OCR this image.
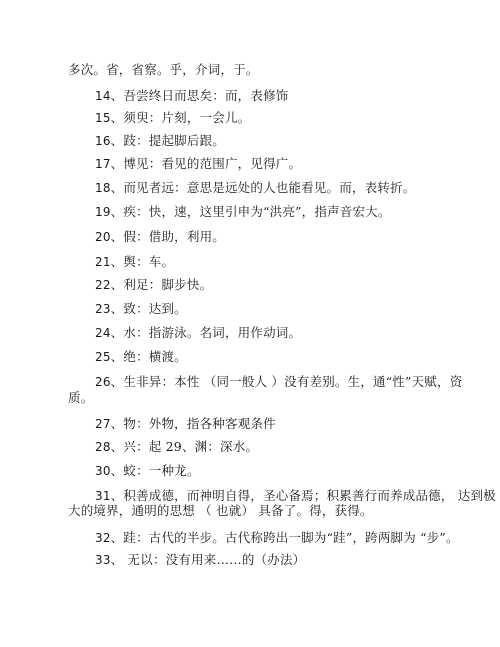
多次。省，省察。乎，介词，于。
14、吾尝终日而思矣：而，表修饰
15、须臾：片刻，一会儿。
16、跂：提起脚后跟。
17、博见：看见的范围广，见得广。
18、而见者远：意思是远处的人也能看见。而，表转折。
19、疾：快，速，这里引申为“洪亮”，指声音宏大。
20、假：借助，利用。
21、舆：车。
22、利足：脚步快。
23、致：达到。
24、水：指游泳。名词，用作动词。
25、绝：横渡。
26、生非异：本性 （同一般人 ）没有差别。生，通“性”天赋，资
质。
27、物：外物，指各种客观条件
28、兴：起 29、渊：深水。
30、蛟：一种龙。
31、积善成德，而神明自得，圣心备焉；积累善行而养成品德， 达到极
大的境界，通明的思想 （ 也就） 具备了。得，获得。
32、跬：古代的半步。古代称跨出一脚为“跬”，跨两脚为 “步”。
33、 无以：没有用来……的（办法）
